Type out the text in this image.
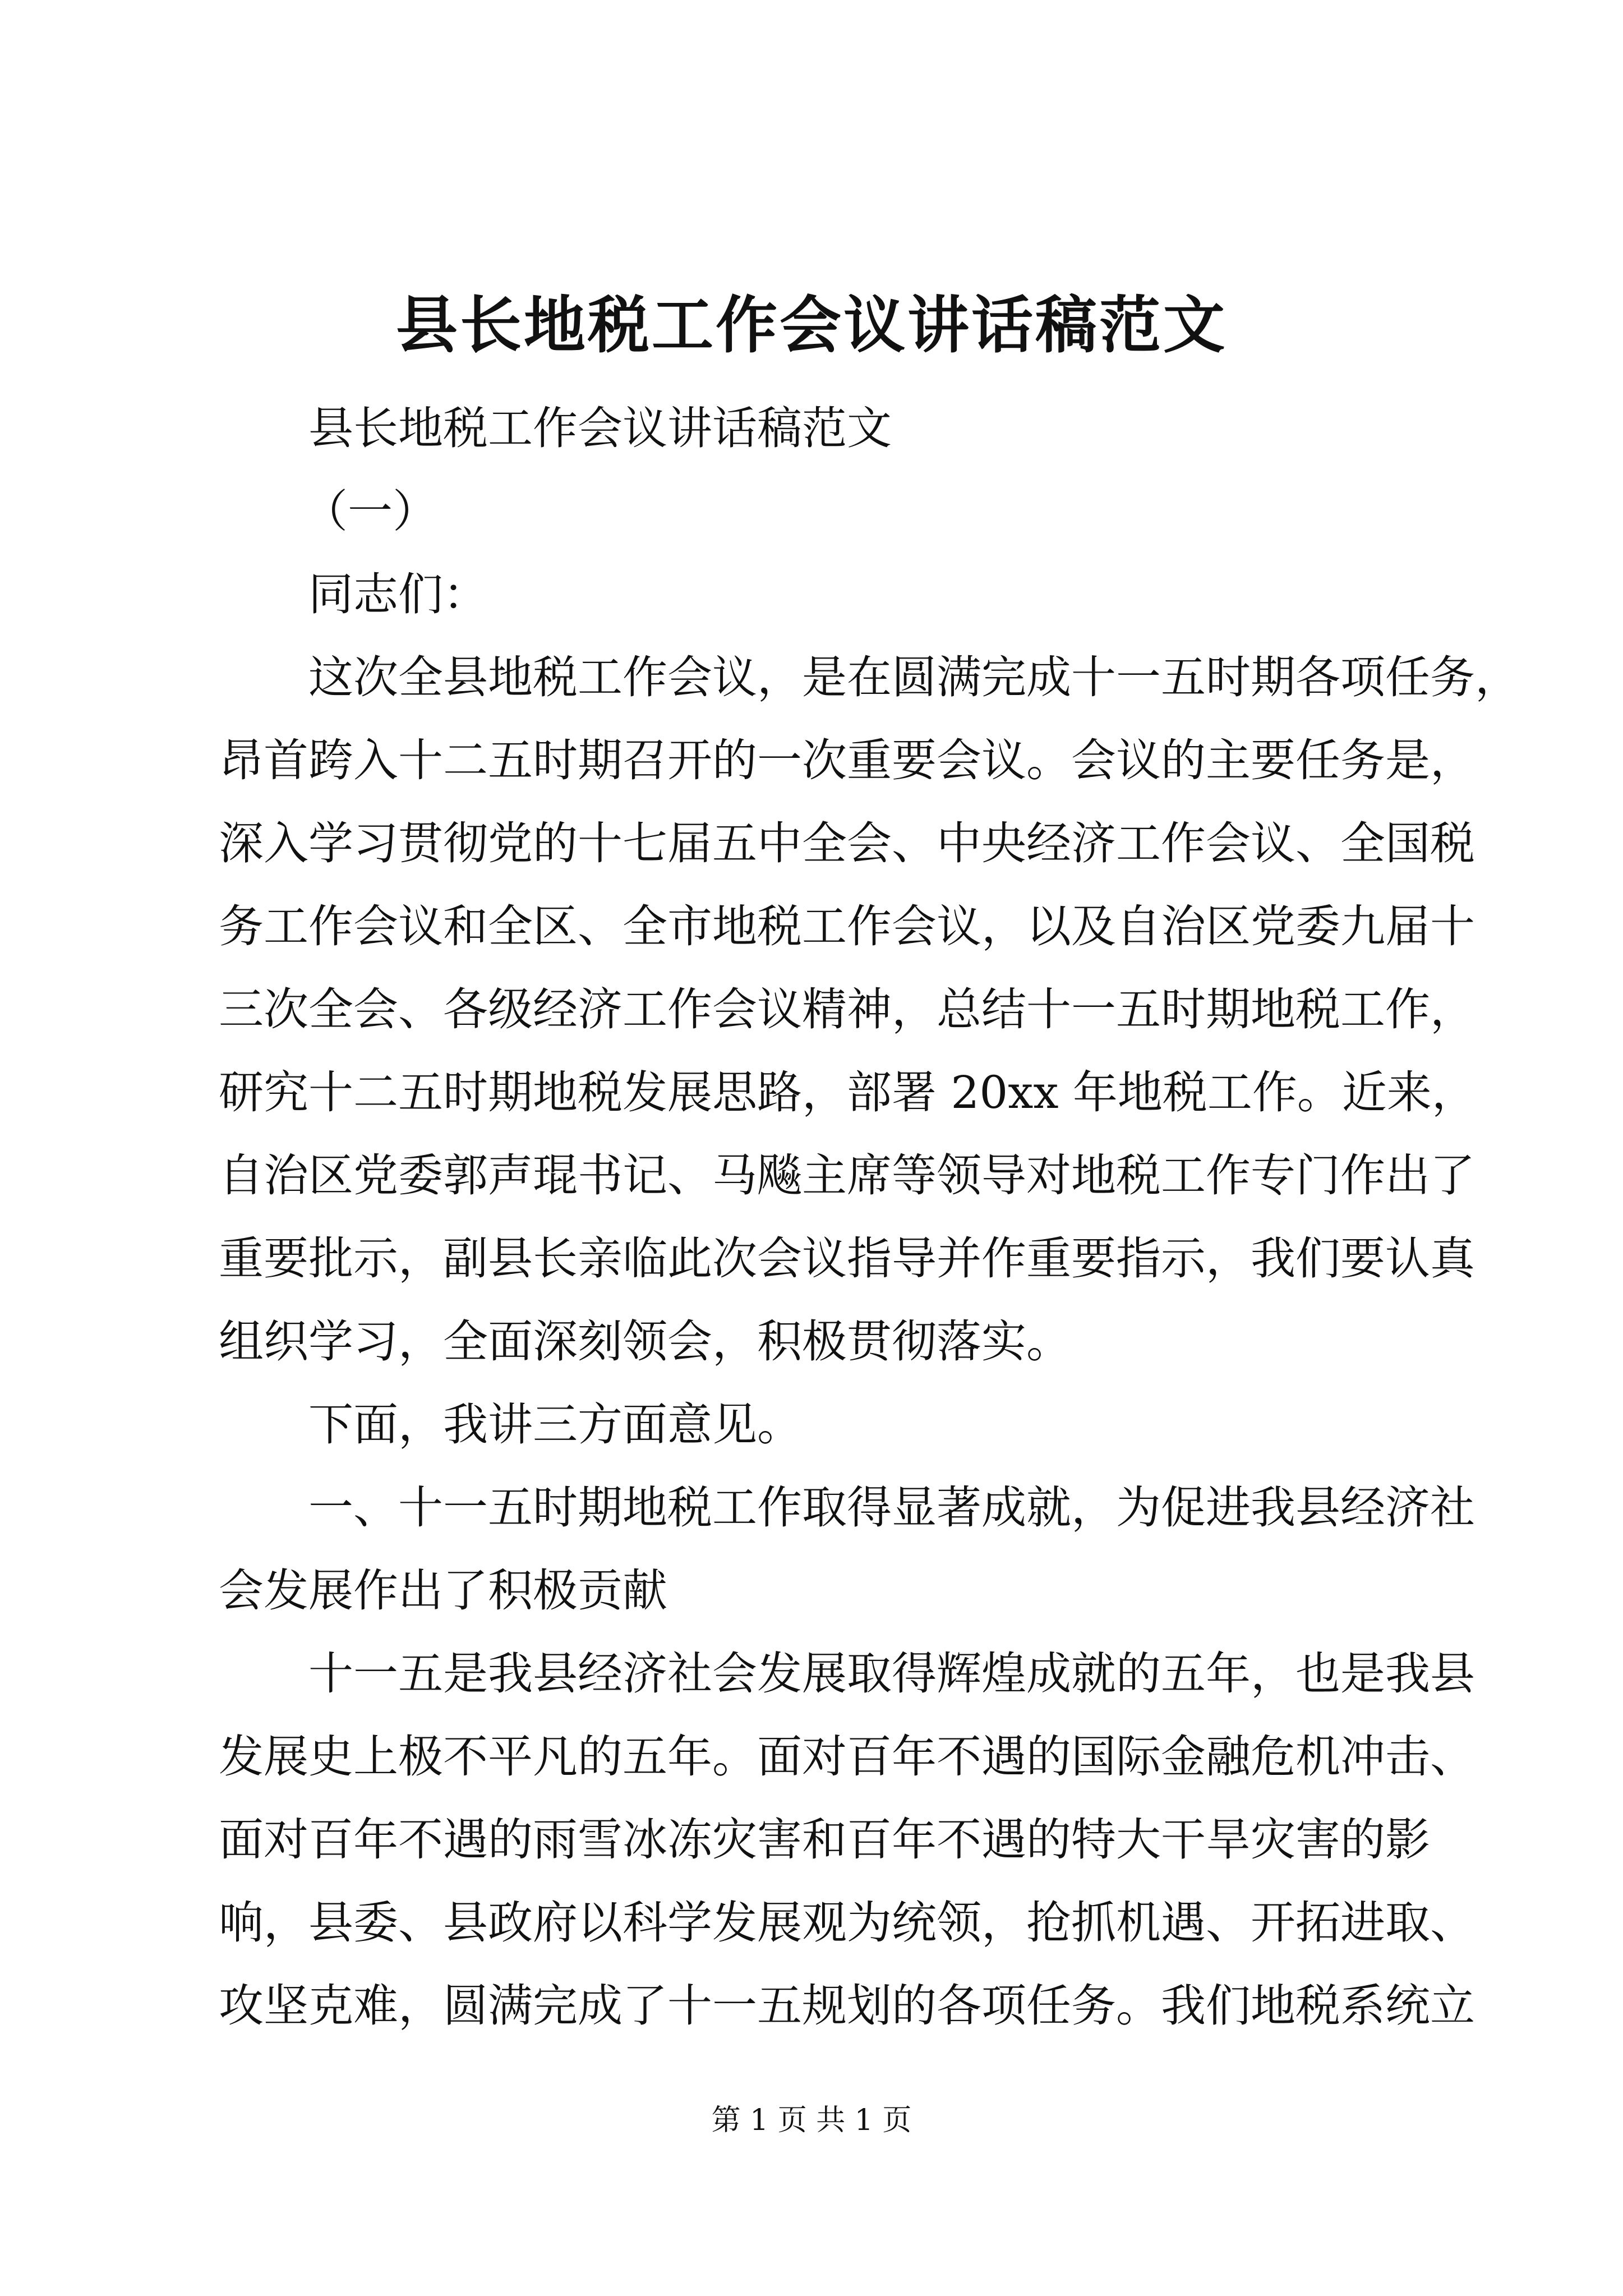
县长地税工作会议讲话稿范文
县长地税工作会议讲话稿范文
（一）
同志们：
这次全县地税工作会议，是在圆满完成十一五时期各项任务，
昂首跨入十二五时期召开的一次重要会议。会议的主要任务是，
深入学习贯彻党的十七届五中全会、中央经济工作会议、全国税
务工作会议和全区、全市地税工作会议，以及自治区党委九届十
三次全会、各级经济工作会议精神，总结十一五时期地税工作，
研究十二五时期地税发展思路，部署 20xx 年地税工作。近来，
自治区党委郭声琨书记、马飚主席等领导对地税工作专门作出了
重要批示，副县长亲临此次会议指导并作重要指示，我们要认真
组织学习，全面深刻领会，积极贯彻落实。
下面，我讲三方面意见。
一、十一五时期地税工作取得显著成就，为促进我县经济社
会发展作出了积极贡献
十一五是我县经济社会发展取得辉煌成就的五年，也是我县
发展史上极不平凡的五年。面对百年不遇的国际金融危机冲击、
面对百年不遇的雨雪冰冻灾害和百年不遇的特大干旱灾害的影
响，县委、县政府以科学发展观为统领，抢抓机遇、开拓进取、
攻坚克难，圆满完成了十一五规划的各项任务。我们地税系统立
第 1 页 共 1 页
